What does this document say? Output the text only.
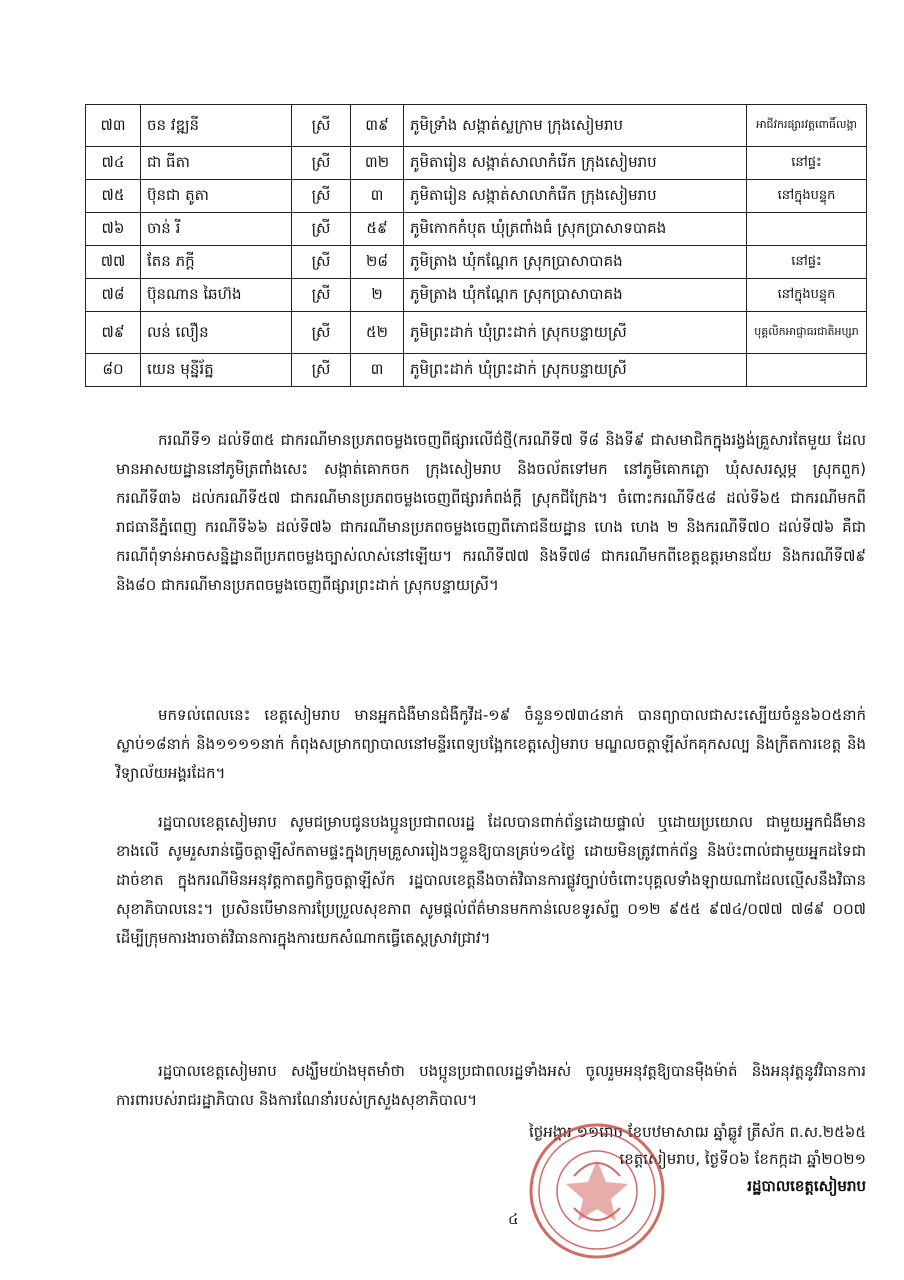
៧៣	ចន វឌ្ឍនី	ស្រី	៣៩	ភូមិទ្រាំង សង្កាត់ស្លក្រាម ក្រុងសៀមរាប	អាជីវករផ្សារវត្តពោធិ៍លង្កា
៧៤	ជា ធីតា	ស្រី	៣២	ភូមិតារៀន សង្កាត់សាលាកំរើក ក្រុងសៀមរាប	នៅផ្ទះ
៧៥	ប៊ុនជា តូតា	ស្រី	៣	ភូមិតារៀន សង្កាត់សាលាកំរើក ក្រុងសៀមរាប	នៅក្នុងបន្ទុក
៧៦	ចាន់ រី	ស្រី	៥៩	ភូមិកោកកំបុត ឃុំត្រពាំងធំ ស្រុកប្រាសាទបាគង	
៧៧	តែន ភក្តី	ស្រី	២៨	ភូមិត្រាង ឃុំកណ្តែក ស្រុកប្រាសាបាគង	នៅផ្ទះ
៧៨	ប៊ុនណាន ឆៃហ៊ង	ស្រី	២	ភូមិត្រាង ឃុំកណ្តែក ស្រុកប្រាសាបាគង	នៅក្នុងបន្ទុក
៧៩	លន់ លឿន	ស្រី	៥២	ភូមិព្រះដាក់ ឃុំព្រះដាក់ ស្រុកបន្ទាយស្រី	បុគ្គលិកអាជ្ញាធរជាតិអប្សរា
៨០	យេន មុន្នីរ័ត្ន	ស្រី	៣	ភូមិព្រះដាក់ ឃុំព្រះដាក់ ស្រុកបន្ទាយស្រី	

ករណីទី១ ដល់ទី៣៥ ជាករណីមានប្រភពចម្លងចេញពីផ្សារលើជ៌ថ្មី(ករណីទី៧ ទី៨ និងទី៩ ជាសមាជិកក្នុងរង្វង់គ្រួសារតែមួយ ដែលមានអាសយដ្ឋាននៅភូមិត្រពាំងសេះ សង្កាត់គោកចក ក្រុងសៀមរាប និងចល័តទៅមក នៅភូមិគោកភ្លោ ឃុំសសរស្តម្ភ ស្រុកពួក) ករណីទី៣៦ ដល់ករណីទី៥៧ ជាករណីមានប្រភពចម្លងចេញពីផ្សារកំពង់ក្តី ស្រុកជីក្រែង។ ចំពោះករណីទី៥៨ ដល់ទី៦៥ ជាករណីមកពីរាជធានីភ្នំពេញ ករណីទី៦៦ ដល់ទី៧៦ ជាករណីមានប្រភពចម្លងចេញពីភោជនីយដ្ឋាន ហេង ហេង ២ និងករណីទី៧០ ដល់ទី៧៦ គឺជាករណីពុំទាន់អាចសន្និដ្ឋានពីប្រភពចម្លងច្បាស់លាស់នៅឡើយ។ ករណីទី៧៧ និងទី៧៨ ជាករណីមកពីខេត្តឧត្តរមានជ័យ និងករណីទី៧៩ និង៨០ ជាករណីមានប្រភពចម្លងចេញពីផ្សារព្រះដាក់ ស្រុកបន្ទាយស្រី។

មកទល់ពេលនេះ ខេត្តសៀមរាប មានអ្នកជំងឺមានជំងឺកូវីដ-១៩ ចំនួន១៧៣៤នាក់ បានព្យាបាលជាសះស្បើយចំនួន៦០៥នាក់ ស្លាប់១៨នាក់ និង១១១១នាក់ កំពុងសម្រាកព្យាបាលនៅមន្ទីរពេទ្យបង្អែកខេត្តសៀមរាប មណ្ឌលចត្តាឡីស័កគុកសល្ប និងក្រីតការខេត្ត និងវិទ្យាល័យអង្គរដែក។

រដ្ឋបាលខេត្តសៀមរាប សូមជម្រាបជូនបងប្អូនប្រជាពលរដ្ឋ ដែលបានពាក់ព័ន្ធដោយផ្ទាល់ ឬដោយប្រយោល ជាមួយអ្នកជំងឺមានខាងលើ សូមរួសរាន់ធ្វើចត្តាឡីស័កតាមផ្ទះក្នុងក្រុមគ្រួសាររៀងៗខ្លួនឱ្យបានគ្រប់១៤ថ្ងៃ ដោយមិនត្រូវពាក់ព័ន្ធ និងប៉ះពាល់ជាមួយអ្នកដទៃជាដាច់ខាត ក្នុងករណីមិនអនុវត្តកាតព្វកិច្ចចត្តាឡីស័ក រដ្ឋបាលខេត្តនឹងចាត់វិធានការផ្លូវច្បាប់ចំពោះបុគ្គលទាំងឡាយណាដែលល្មើសនឹងវិធានសុខាភិបាលនេះ។ ប្រសិនបើមានការប្រែប្រួលសុខភាព សូមផ្តល់ព័ត៌មានមកកាន់លេខទូរស័ព្ទ ០១២ ៩៥៥ ៩៧៤/០៧៧ ៧៨៩ ០០៧ ដើម្បីក្រុមការងារចាត់វិធានការក្នុងការយកសំណាកធ្វើតេស្តស្រាវជ្រាវ។

រដ្ឋបាលខេត្តសៀមរាប សង្ឃឹមយ៉ាងមុតមាំថា បងប្អូនប្រជាពលរដ្ឋទាំងអស់ ចូលរួមអនុវត្តឱ្យបានម៉ឺងម៉ាត់ និងអនុវត្តនូវវិធានការការពារបស់រាជរដ្ឋាភិបាល និងការណែនាំរបស់ក្រសួងសុខាភិបាល។

ថ្ងៃអង្គារ ១១រោច ខែបឋមាសាឍ ឆ្នាំឆ្លូវ ត្រីស័ក ព.ស.២៥៦៥

ខេត្តសៀមរាប, ថ្ងៃទី០៦ ខែកក្កដា ឆ្នាំ២០២១

រដ្ឋបាលខេត្តសៀមរាប

៤
